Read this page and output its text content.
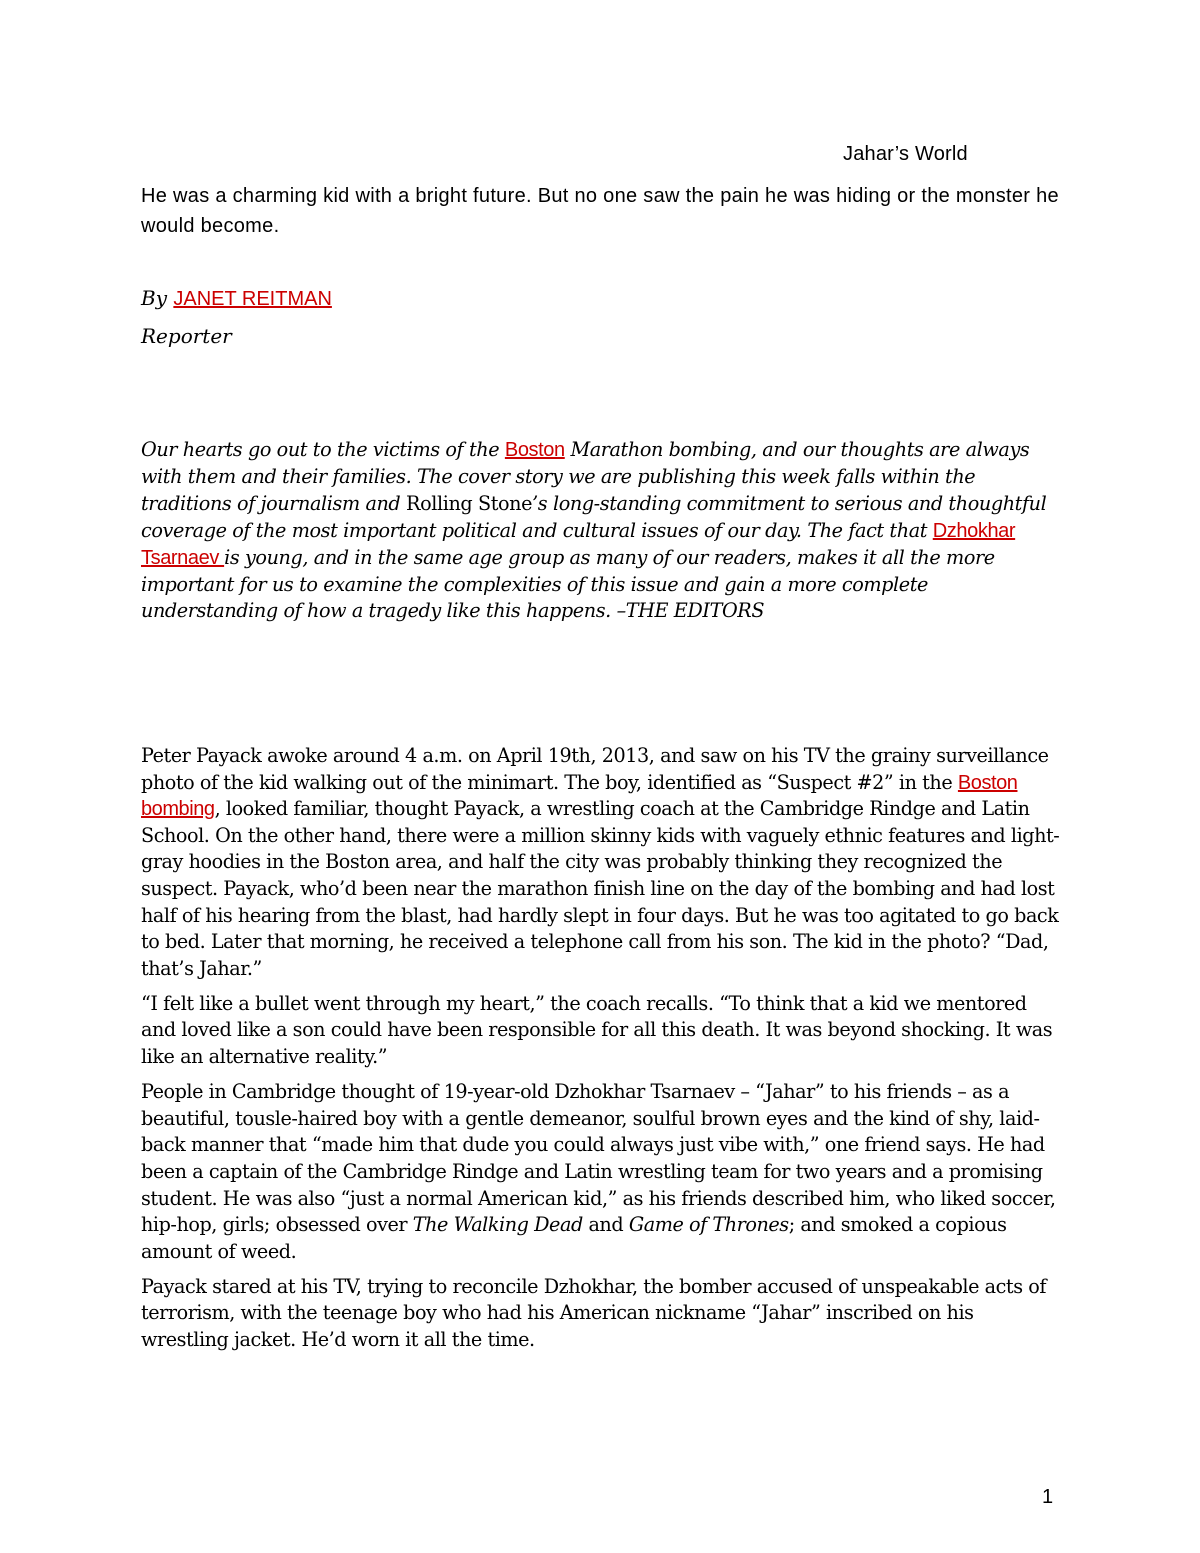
Jahar’s World
He was a charming kid with a bright future. But no one saw the pain he was hiding or the monster he would become.
By JANET REITMAN
Reporter

Our hearts go out to the victims of the Boston Marathon bombing, and our thoughts are always with them and their families. The cover story we are publishing this week falls within the traditions of journalism and Rolling Stone’s long-standing commitment to serious and thoughtful coverage of the most important political and cultural issues of our day. The fact that Dzhokhar Tsarnaev is young, and in the same age group as many of our readers, makes it all the more important for us to examine the complexities of this issue and gain a more complete understanding of how a tragedy like this happens. –THE EDITORS

Peter Payack awoke around 4 a.m. on April 19th, 2013, and saw on his TV the grainy surveillance photo of the kid walking out of the minimart. The boy, identified as “Suspect #2” in the Boston bombing, looked familiar, thought Payack, a wrestling coach at the Cambridge Rindge and Latin School. On the other hand, there were a million skinny kids with vaguely ethnic features and light-gray hoodies in the Boston area, and half the city was probably thinking they recognized the suspect. Payack, who’d been near the marathon finish line on the day of the bombing and had lost half of his hearing from the blast, had hardly slept in four days. But he was too agitated to go back to bed. Later that morning, he received a telephone call from his son. The kid in the photo? “Dad, that’s Jahar.”

“I felt like a bullet went through my heart,” the coach recalls. “To think that a kid we mentored and loved like a son could have been responsible for all this death. It was beyond shocking. It was like an alternative reality.”

People in Cambridge thought of 19-year-old Dzhokhar Tsarnaev – “Jahar” to his friends – as a beautiful, tousle-haired boy with a gentle demeanor, soulful brown eyes and the kind of shy, laid-back manner that “made him that dude you could always just vibe with,” one friend says. He had been a captain of the Cambridge Rindge and Latin wrestling team for two years and a promising student. He was also “just a normal American kid,” as his friends described him, who liked soccer, hip-hop, girls; obsessed over The Walking Dead and Game of Thrones; and smoked a copious amount of weed.

Payack stared at his TV, trying to reconcile Dzhokhar, the bomber accused of unspeakable acts of terrorism, with the teenage boy who had his American nickname “Jahar” inscribed on his wrestling jacket. He’d worn it all the time.

1
